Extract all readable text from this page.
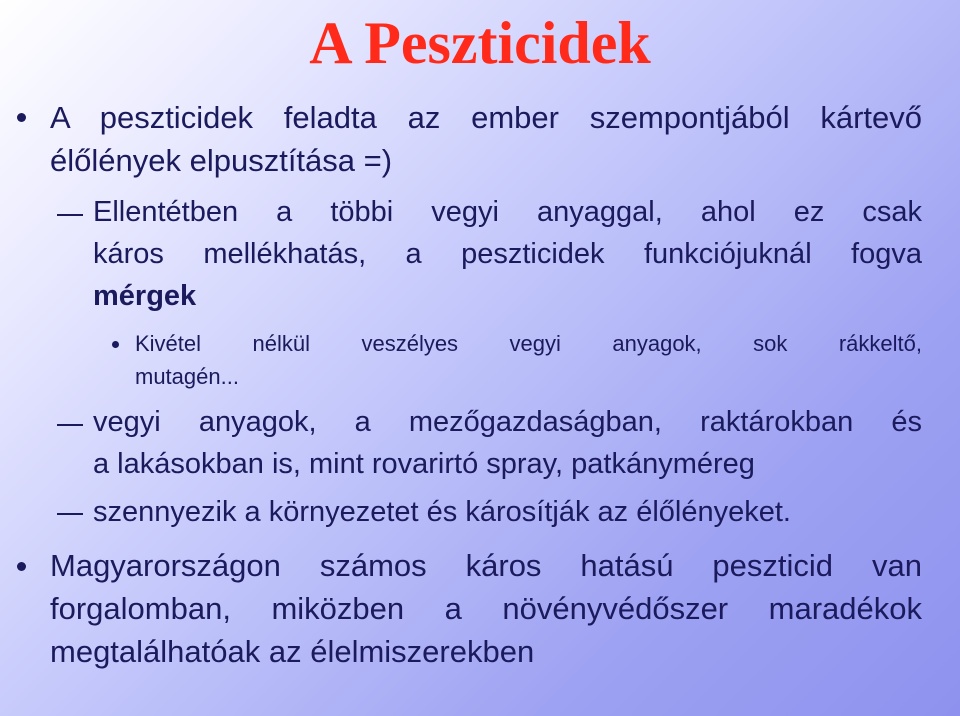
A Peszticidek
A peszticidek feladta az ember szempontjából kártevő
élőlények elpusztítása =)
Ellentétben a többi vegyi anyaggal, ahol ez csak
káros mellékhatás, a peszticidek funkciójuknál fogva
mérgek
Kivétel nélkül veszélyes vegyi anyagok, sok rákkeltő,
mutagén...
vegyi anyagok, a mezőgazdaságban, raktárokban és
a lakásokban is, mint rovarirtó spray, patkányméreg
szennyezik a környezetet és károsítják az élőlényeket.
Magyarországon számos káros hatású peszticid van
forgalomban, miközben a növényvédőszer maradékok
megtalálhatóak az élelmiszerekben
